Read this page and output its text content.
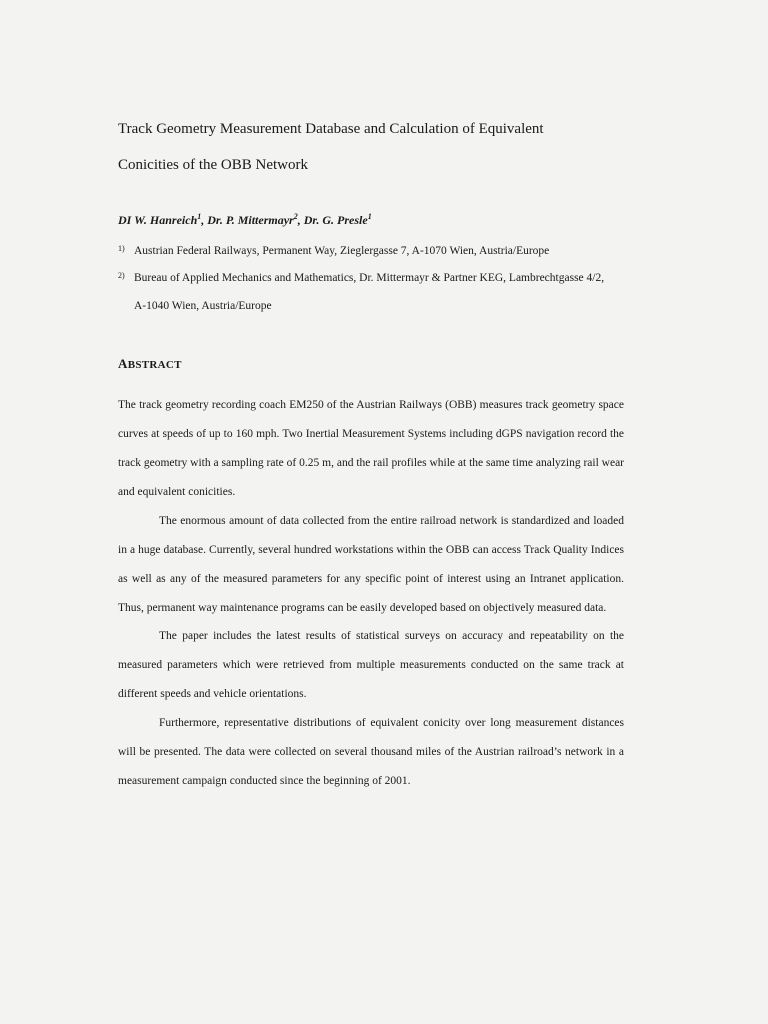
Track Geometry Measurement Database and Calculation of Equivalent
Conicities of the OBB Network
DI W. Hanreich$^1$, Dr. P. Mittermayr$^2$, Dr. G. Presle$^1$
1) Austrian Federal Railways, Permanent Way, Zieglergasse 7, A-1070 Wien, Austria/Europe
2) Bureau of Applied Mechanics and Mathematics, Dr. Mittermayr & Partner KEG, Lambrechtgasse 4/2,
A-1040 Wien, Austria/Europe
ABSTRACT

The track geometry recording coach EM250 of the Austrian Railways (OBB) measures track geometry space curves at speeds of up to 160 mph. Two Inertial Measurement Systems including dGPS navigation record the track geometry with a sampling rate of 0.25 m, and the rail profiles while at the same time analyzing rail wear and equivalent conicities.

The enormous amount of data collected from the entire railroad network is standardized and loaded in a huge database. Currently, several hundred workstations within the OBB can access Track Quality Indices as well as any of the measured parameters for any specific point of interest using an Intranet application. Thus, permanent way maintenance programs can be easily developed based on objectively measured data.

The paper includes the latest results of statistical surveys on accuracy and repeatability on the measured parameters which were retrieved from multiple measurements conducted on the same track at different speeds and vehicle orientations.

Furthermore, representative distributions of equivalent conicity over long measurement distances will be presented. The data were collected on several thousand miles of the Austrian railroad’s network in a measurement campaign conducted since the beginning of 2001.
